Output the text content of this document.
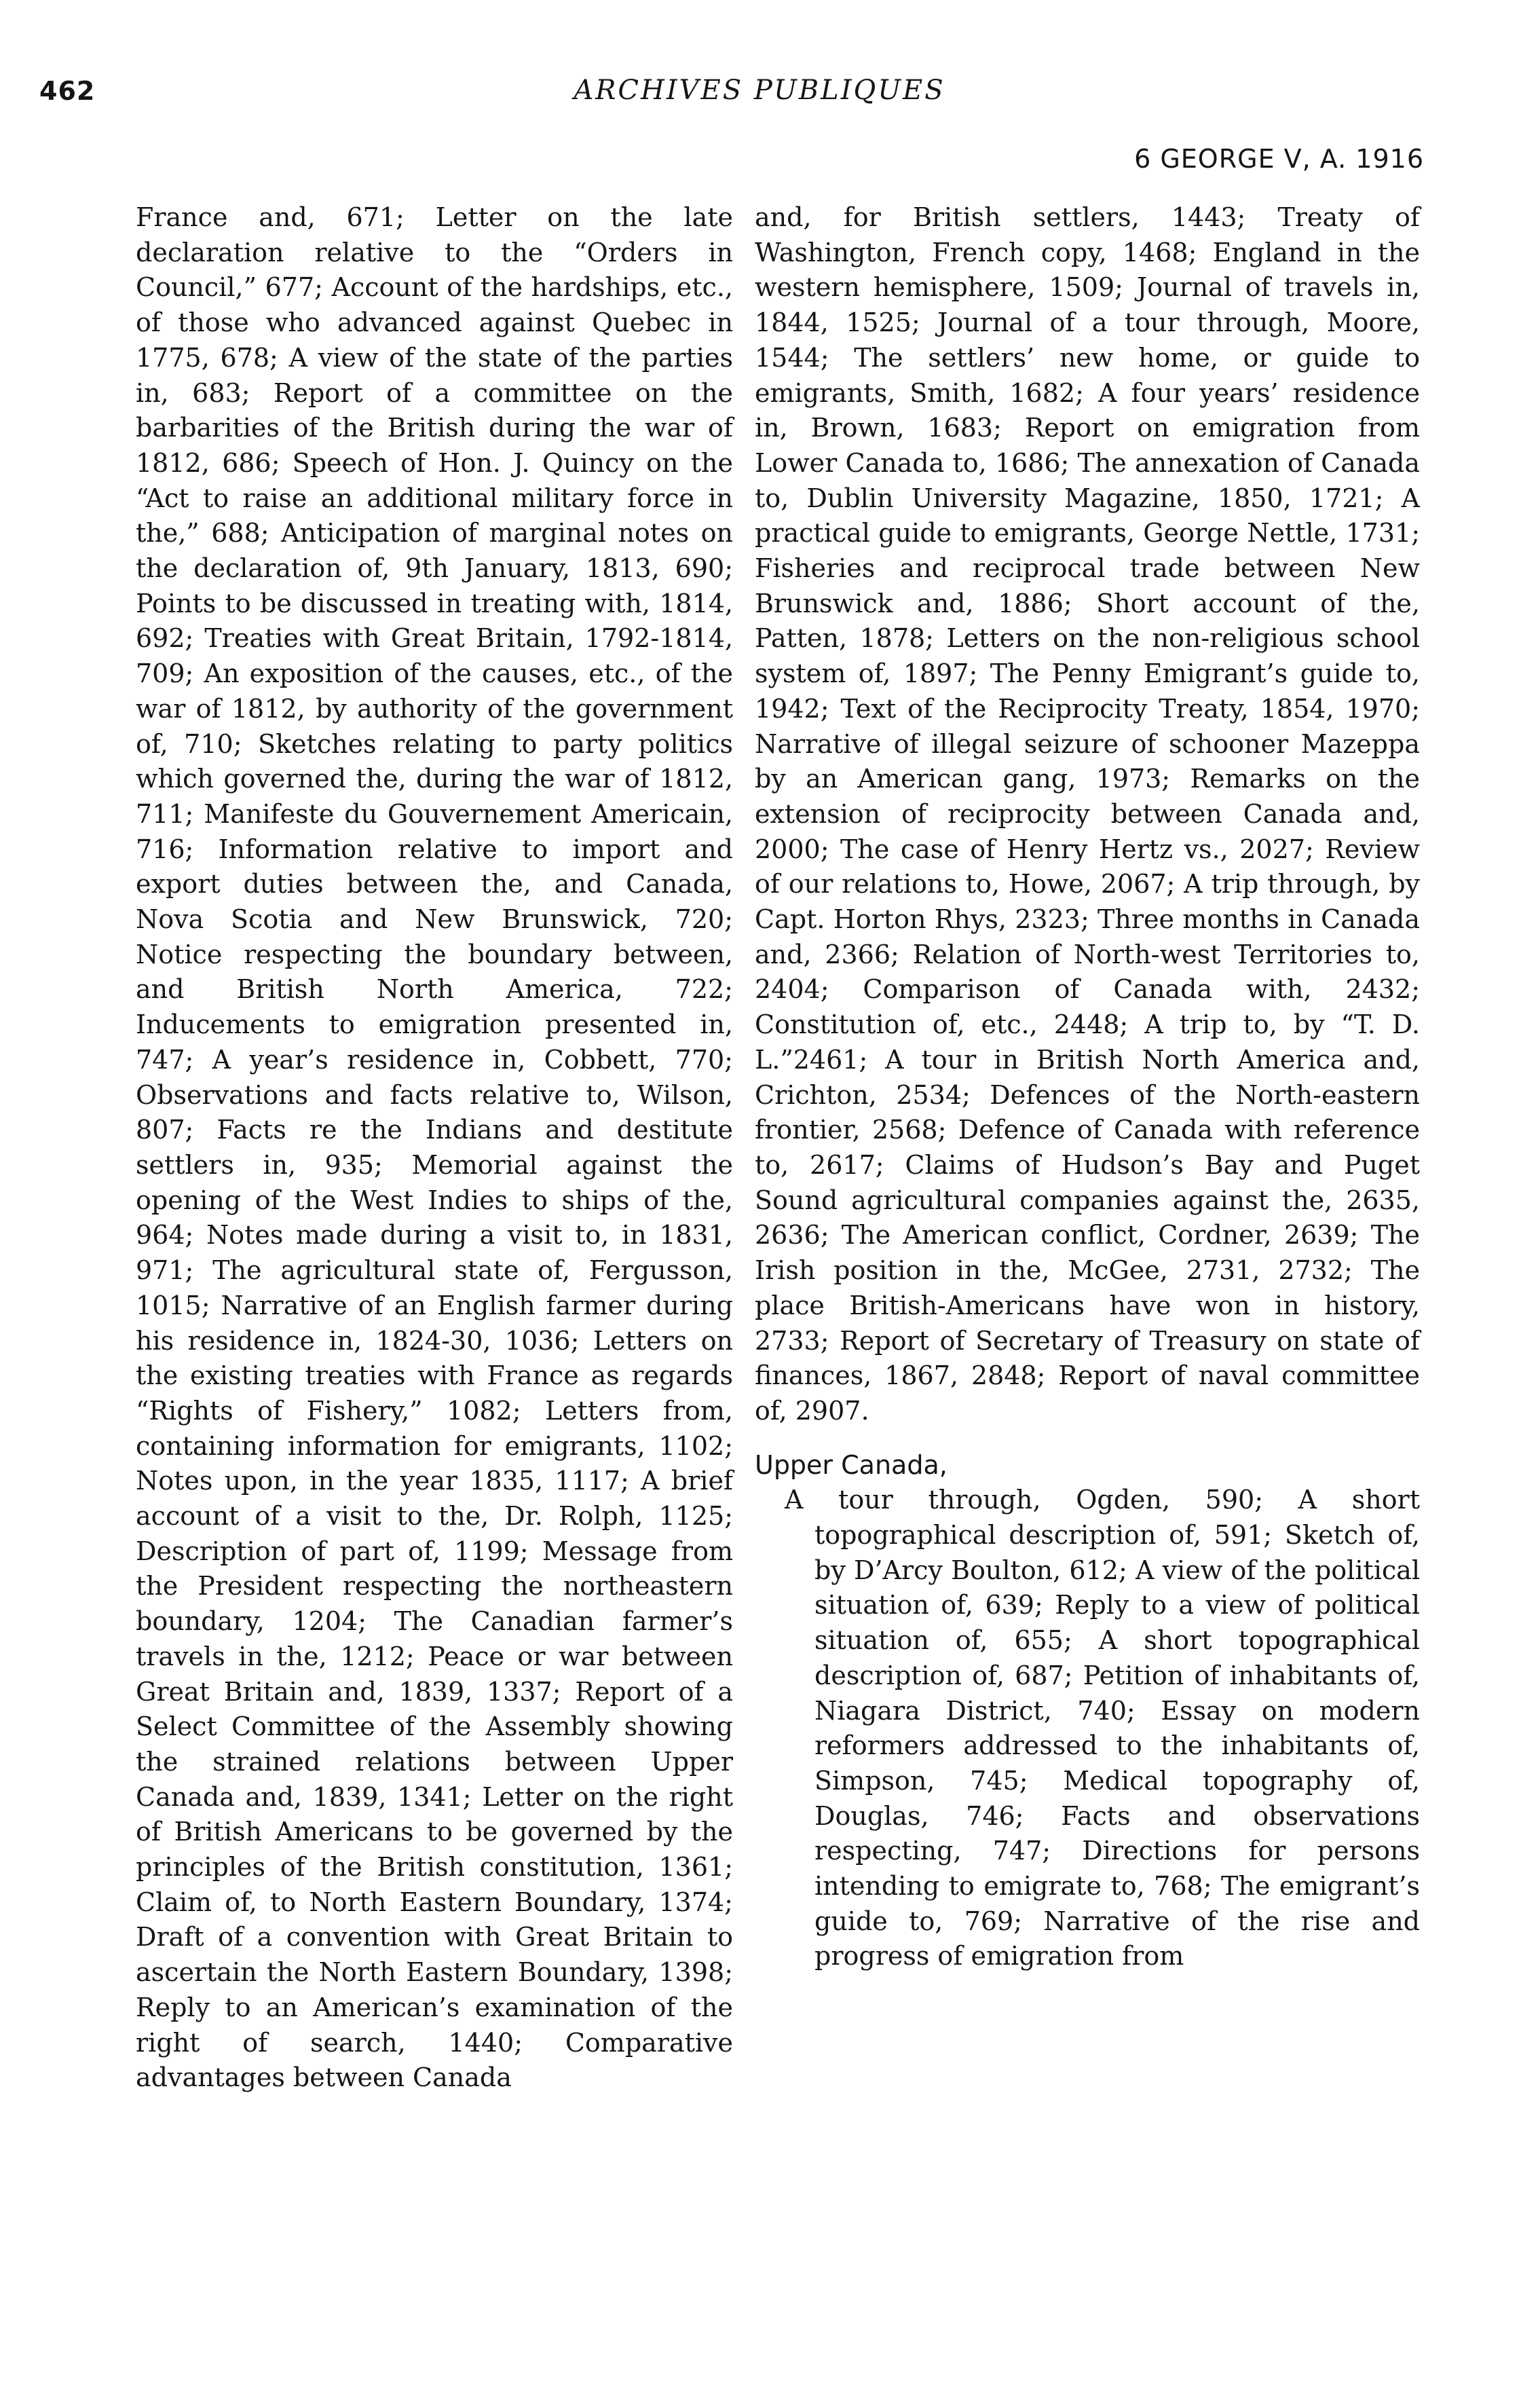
462	ARCHIVES PUBLIQUES
6 GEORGE V, A. 1916

France and, 671; Letter on the late declaration relative to the “Orders in Council,” 677; Account of the hardships, etc., of those who advanced against Quebec in 1775, 678; A view of the state of the parties in, 683; Report of a committee on the barbarities of the British during the war of 1812, 686; Speech of Hon. J. Quincy on the “Act to raise an additional military force in the,” 688; Anticipation of marginal notes on the declaration of, 9th January, 1813, 690; Points to be discussed in treating with, 1814, 692; Treaties with Great Britain, 1792-1814, 709; An exposition of the causes, etc., of the war of 1812, by authority of the government of, 710; Sketches relating to party politics which governed the, during the war of 1812, 711; Manifeste du Gouvernement Americain, 716; Information relative to import and export duties between the, and Canada, Nova Scotia and New Brunswick, 720; Notice respecting the boundary between, and British North America, 722; Inducements to emigration presented in, 747; A year’s residence in, Cobbett, 770; Observations and facts relative to, Wilson, 807; Facts re the Indians and destitute settlers in, 935; Memorial against the opening of the West Indies to ships of the, 964; Notes made during a visit to, in 1831, 971; The agricultural state of, Fergusson, 1015; Narrative of an English farmer during his residence in, 1824-30, 1036; Letters on the existing treaties with France as regards “Rights of Fishery,” 1082; Letters from, containing information for emigrants, 1102; Notes upon, in the year 1835, 1117; A brief account of a visit to the, Dr. Rolph, 1125; Description of part of, 1199; Message from the President respecting the northeastern boundary, 1204; The Canadian farmer’s travels in the, 1212; Peace or war between Great Britain and, 1839, 1337; Report of a Select Committee of the Assembly showing the strained relations between Upper Canada and, 1839, 1341; Letter on the right of British Americans to be governed by the principles of the British constitution, 1361; Claim of, to North Eastern Boundary, 1374; Draft of a convention with Great Britain to ascertain the North Eastern Boundary, 1398; Reply to an American’s examination of the right of search, 1440; Comparative advantages between Canada

and, for British settlers, 1443; Treaty of Washington, French copy, 1468; England in the western hemisphere, 1509; Journal of travels in, 1844, 1525; Journal of a tour through, Moore, 1544; The settlers’ new home, or guide to emigrants, Smith, 1682; A four years’ residence in, Brown, 1683; Report on emigration from Lower Canada to, 1686; The annexation of Canada to, Dublin University Magazine, 1850, 1721; A practical guide to emigrants, George Nettle, 1731; Fisheries and reciprocal trade between New Brunswick and, 1886; Short account of the, Patten, 1878; Letters on the non-religious school system of, 1897; The Penny Emigrant’s guide to, 1942; Text of the Reciprocity Treaty, 1854, 1970; Narrative of illegal seizure of schooner Mazeppa by an American gang, 1973; Remarks on the extension of reciprocity between Canada and, 2000; The case of Henry Hertz vs., 2027; Review of our relations to, Howe, 2067; A trip through, by Capt. Horton Rhys, 2323; Three months in Canada and, 2366; Relation of North-west Territories to, 2404; Comparison of Canada with, 2432; Constitution of, etc., 2448; A trip to, by “T. D. L.”2461; A tour in British North America and, Crichton, 2534; Defences of the North-eastern frontier, 2568; Defence of Canada with reference to, 2617; Claims of Hudson’s Bay and Puget Sound agricultural companies against the, 2635, 2636; The American conflict, Cordner, 2639; The Irish position in the, McGee, 2731, 2732; The place British-Americans have won in history, 2733; Report of Secretary of Treasury on state of finances, 1867, 2848; Report of naval committee of, 2907.

Upper Canada,

A tour through, Ogden, 590; A short topographical description of, 591; Sketch of, by D’Arcy Boulton, 612; A view of the political situation of, 639; Reply to a view of political situation of, 655; A short topographical description of, 687; Petition of inhabitants of, Niagara District, 740; Essay on modern reformers addressed to the inhabitants of, Simpson, 745; Medical topography of, Douglas, 746; Facts and observations respecting, 747; Directions for persons intending to emigrate to, 768; The emigrant’s guide to, 769; Narrative of the rise and progress of emigration from
